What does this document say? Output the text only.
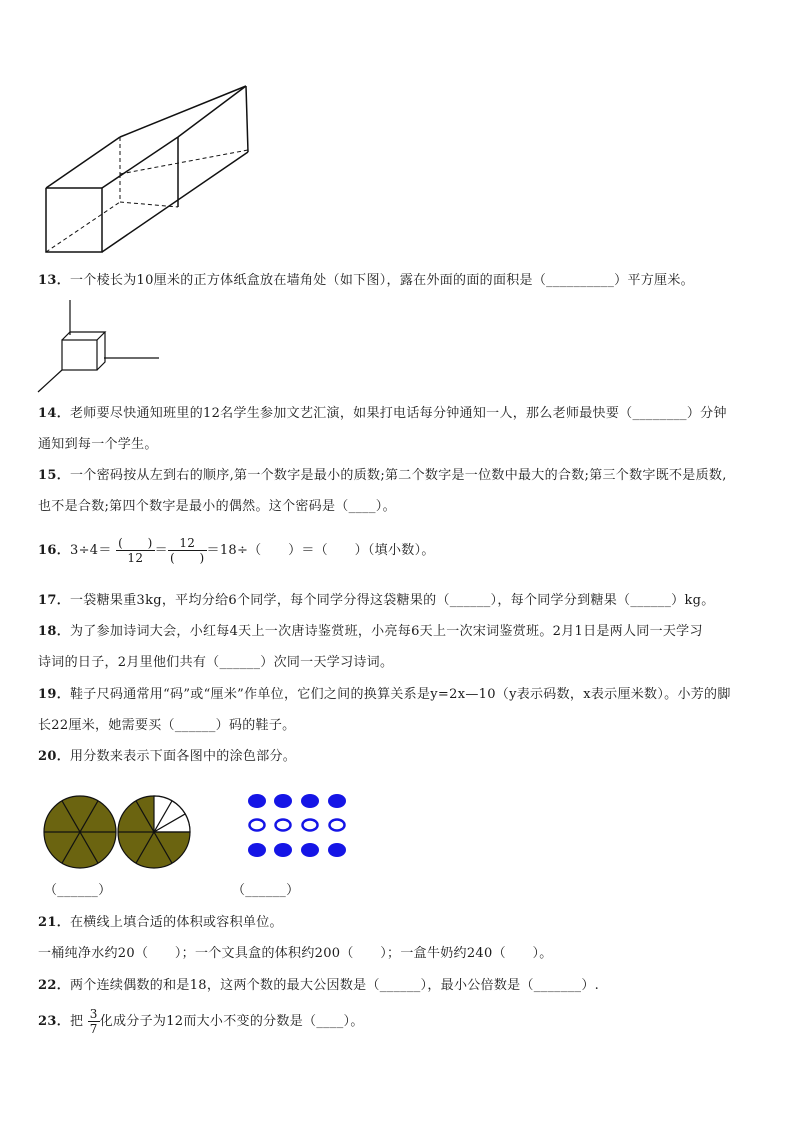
13．一个棱长为10厘米的正方体纸盒放在墙角处（如下图），露在外面的面的面积是（__________）平方厘米。
14．老师要尽快通知班里的12名学生参加文艺汇演，如果打电话每分钟通知一人，那么老师最快要（________）分钟
通知到每一个学生。
15．一个密码按从左到右的顺序,第一个数字是最小的质数;第二个数字是一位数中最大的合数;第三个数字既不是质数,
也不是合数;第四个数字是最小的偶然。这个密码是（____）。
16．$3\div 4= \frac{( )}{12} = \frac{12}{( )} =18\div$（　　）＝（　　）（填小数）。
17．一袋糖果重3kg，平均分给6个同学，每个同学分得这袋糖果的（______），每个同学分到糖果（______）kg。
18．为了参加诗词大会，小红每4天上一次唐诗鉴赏班，小亮每6天上一次宋词鉴赏班。2月1日是两人同一天学习
诗词的日子，2月里他们共有（______）次同一天学习诗词。
19．鞋子尺码通常用“码”或“厘米”作单位，它们之间的换算关系是y=2x—10（y表示码数，x表示厘米数）。小芳的脚
长22厘米，她需要买（______）码的鞋子。
20．用分数来表示下面各图中的涂色部分。
（______）	（______）
21．在横线上填合适的体积或容积单位。
一桶纯净水约20（　　）；一个文具盒的体积约200（　　）；一盒牛奶约240（　　）。
22．两个连续偶数的和是18，这两个数的最大公因数是（______），最小公倍数是（_______）.
23．把 $\frac{3}{7}$ 化成分子为12而大小不变的分数是（____）。
